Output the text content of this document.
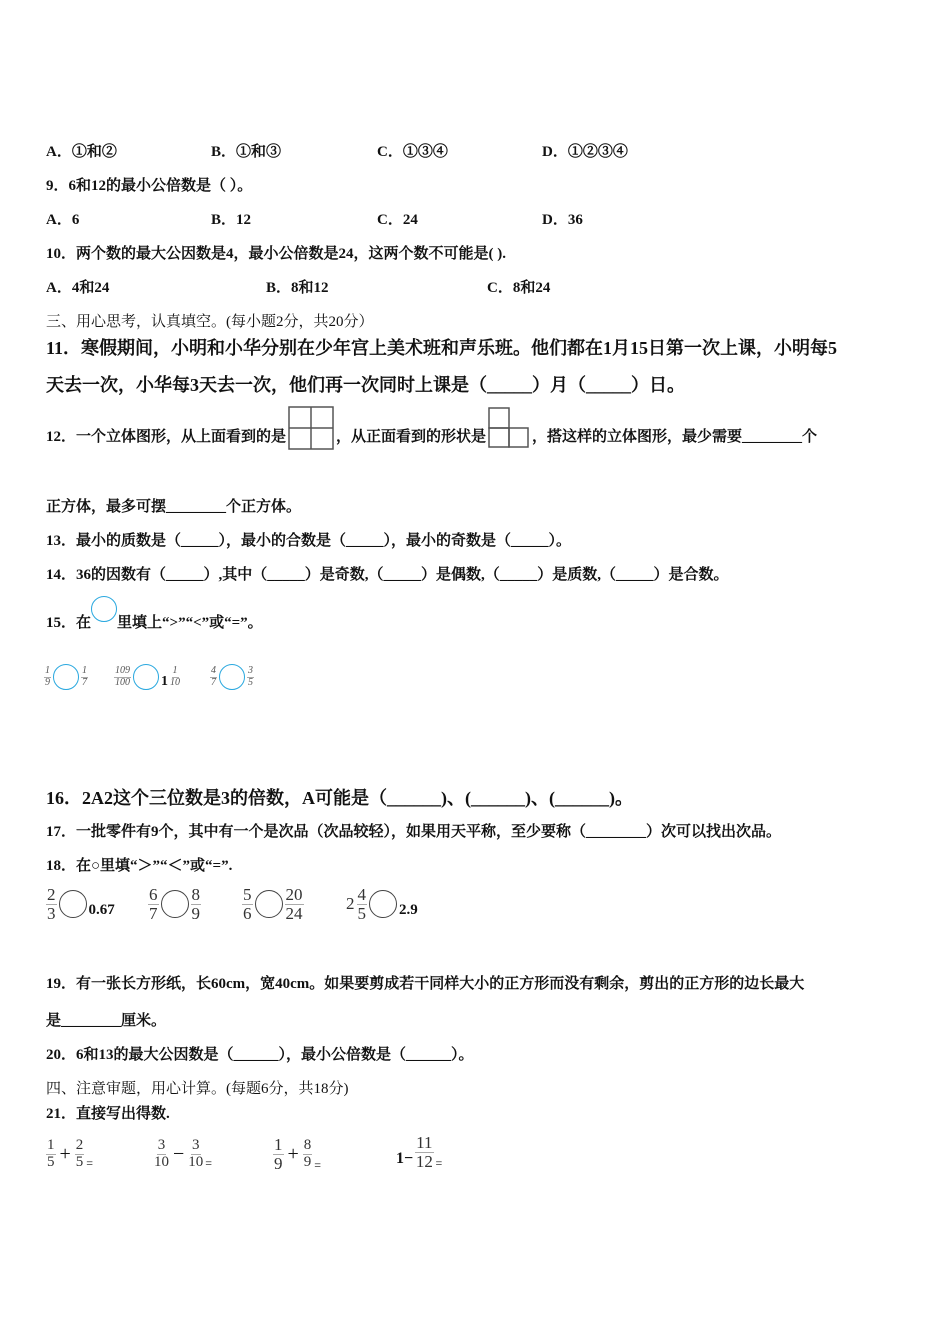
A．①和②	B．①和③	C．①③④	D．①②③④
9．6和12的最小公倍数是（ ）。
A．6	B．12	C．24	D．36
10．两个数的最大公因数是4，最小公倍数是24，这两个数不可能是( ).
A．4和24	B．8和12	C．8和24
三、用心思考，认真填空。(每小题2分，共20分）
11．寒假期间，小明和小华分别在少年宫上美术班和声乐班。他们都在1月15日第一次上课，小明每5
天去一次，小华每3天去一次，他们再一次同时上课是（_____）月（_____）日。
12．一个立体图形，从上面看到的是	，从正面看到的形状是	，搭这样的立体图形，最少需要________个
正方体，最多可摆________个正方体。
13．最小的质数是（_____），最小的合数是（_____），最小的奇数是（_____）。
14．36的因数有（_____）,其中（_____）是奇数,（_____）是偶数,（_____）是质数,（_____）是合数。
15．在 里填上“>”“<”或“=”。
$\frac{1}{9}$	$\frac{1}{7}$	$\frac{109}{100} 1 \frac{1}{10}$	$\frac{4}{7}$	$\frac{3}{5}$
16．2A2这个三位数是3的倍数，A可能是（______)、(______)、(______)。
17．一批零件有9个，其中有一个是次品（次品较轻），如果用天平称，至少要称（________）次可以找出次品。
18．在○里填“＞”“＜”或“=”.
$\frac{2}{3} 0.67 \frac{6}{7} \frac{8}{9} \frac{5}{6} \frac{20}{24}$	$2 \frac{4}{5} 2.9$
19．有一张长方形纸，长60cm，宽40cm。如果要剪成若干同样大小的正方形而没有剩余，剪出的正方形的边长最大
是________厘米。
20．6和13的最大公因数是（______），最小公倍数是（______）。
四、注意审题，用心计算。(每题6分，共18分)
21．直接写出得数.
$\frac{1}{5} + \frac{2}{5}$ =	$\frac{3}{10} - \frac{3}{10}$ =	$\frac{1}{9} + \frac{8}{9}$ =	$1- \frac{11}{12}$ =
